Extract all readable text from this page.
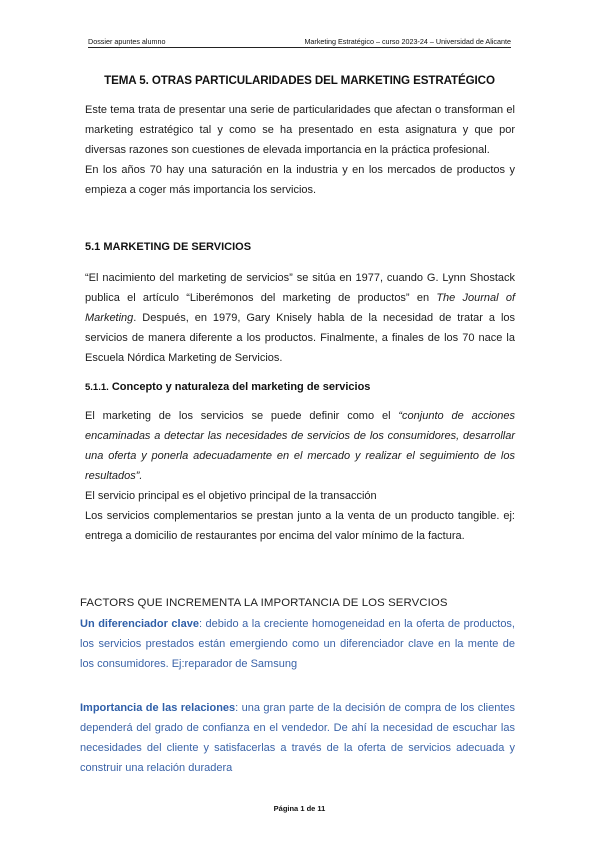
Dossier apuntes alumno	Marketing Estratégico – curso 2023-24 – Universidad de Alicante
TEMA 5. OTRAS PARTICULARIDADES DEL MARKETING ESTRATÉGICO

Este tema trata de presentar una serie de particularidades que afectan o transforman el marketing estratégico tal y como se ha presentado en esta asignatura y que por diversas razones son cuestiones de elevada importancia en la práctica profesional.

En los años 70 hay una saturación en la industria y en los mercados de productos y empieza a coger más importancia los servicios.

5.1 MARKETING DE SERVICIOS

“El nacimiento del marketing de servicios” se sitúa en 1977, cuando G. Lynn Shostack publica el artículo “Liberémonos del marketing de productos” en The Journal of Marketing. Después, en 1979, Gary Knisely habla de la necesidad de tratar a los servicios de manera diferente a los productos. Finalmente, a finales de los 70 nace la Escuela Nórdica Marketing de Servicios.

5.1.1. Concepto y naturaleza del marketing de servicios

El marketing de los servicios se puede definir como el “conjunto de acciones encaminadas a detectar las necesidades de servicios de los consumidores, desarrollar una oferta y ponerla adecuadamente en el mercado y realizar el seguimiento de los resultados”.

El servicio principal es el objetivo principal de la transacción

Los servicios complementarios se prestan junto a la venta de un producto tangible. ej: entrega a domicilio de restaurantes por encima del valor mínimo de la factura.

FACTORS QUE INCREMENTA LA IMPORTANCIA DE LOS SERVCIOS

Un diferenciador clave: debido a la creciente homogeneidad en la oferta de productos, los servicios prestados están emergiendo como un diferenciador clave en la mente de los consumidores. Ej:reparador de Samsung

Importancia de las relaciones: una gran parte de la decisión de compra de los clientes dependerá del grado de confianza en el vendedor. De ahí la necesidad de escuchar las necesidades del cliente y satisfacerlas a través de la oferta de servicios adecuada y construir una relación duradera

Página 1 de 11
